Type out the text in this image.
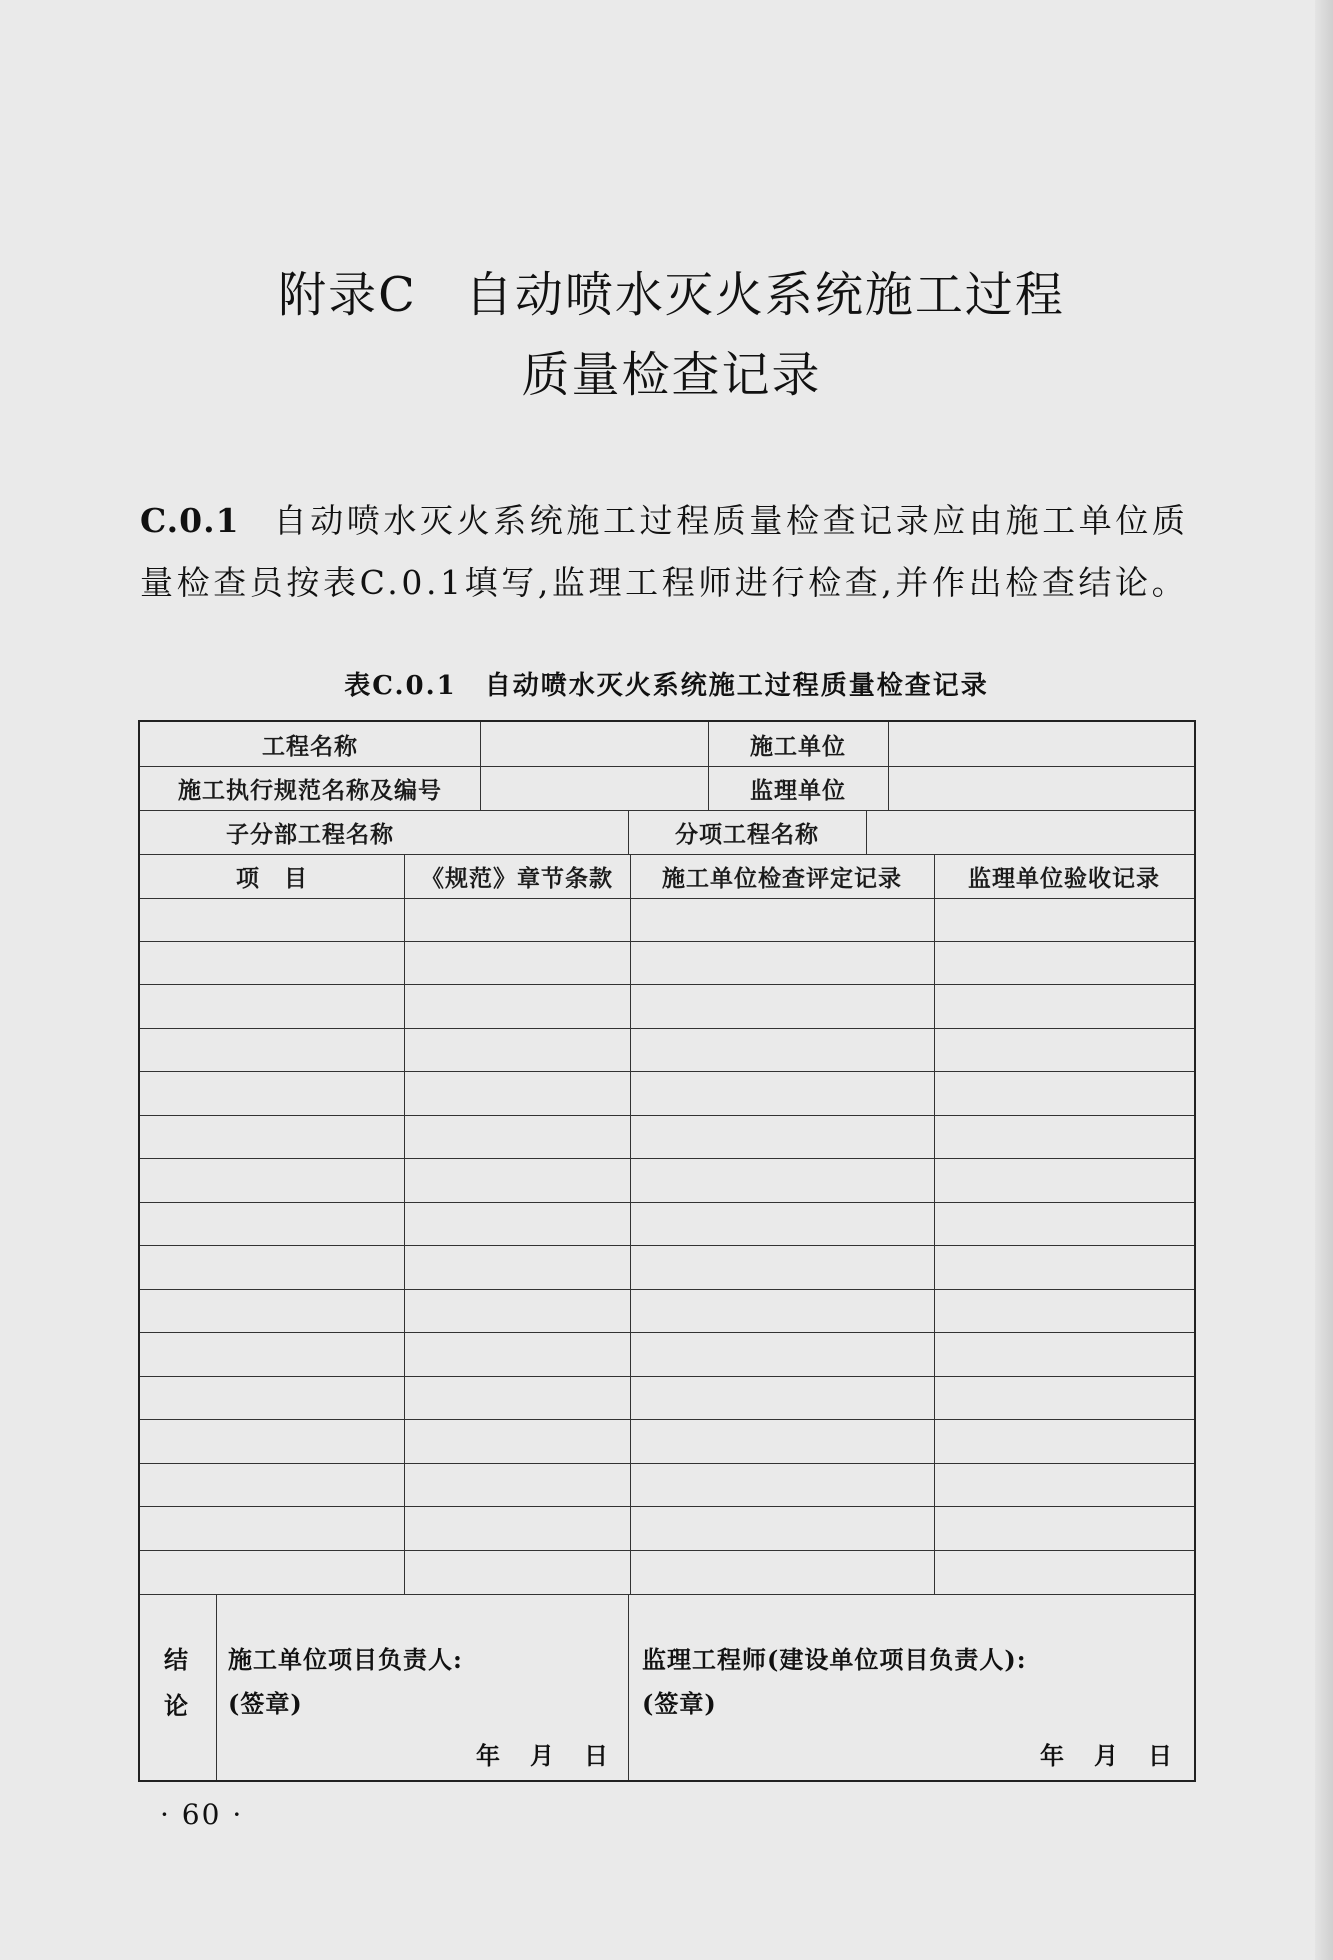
附录C 自动喷水灭火系统施工过程
质量检查记录
C.0.1 自动喷水灭火系统施工过程质量检查记录应由施工单位质量检查员按表C.0.1填写,监理工程师进行检查,并作出检查结论。
表C.0.1 自动喷水灭火系统施工过程质量检查记录
工程名称	施工单位
施工执行规范名称及编号	监理单位
子分部工程名称	分项工程名称
项　目	《规范》章节条款	施工单位检查评定记录	监理单位验收记录
结
论
施工单位项目负责人:
(签章)
年 月 日
监理工程师(建设单位项目负责人):
(签章)
年 月 日
· 60 ·
